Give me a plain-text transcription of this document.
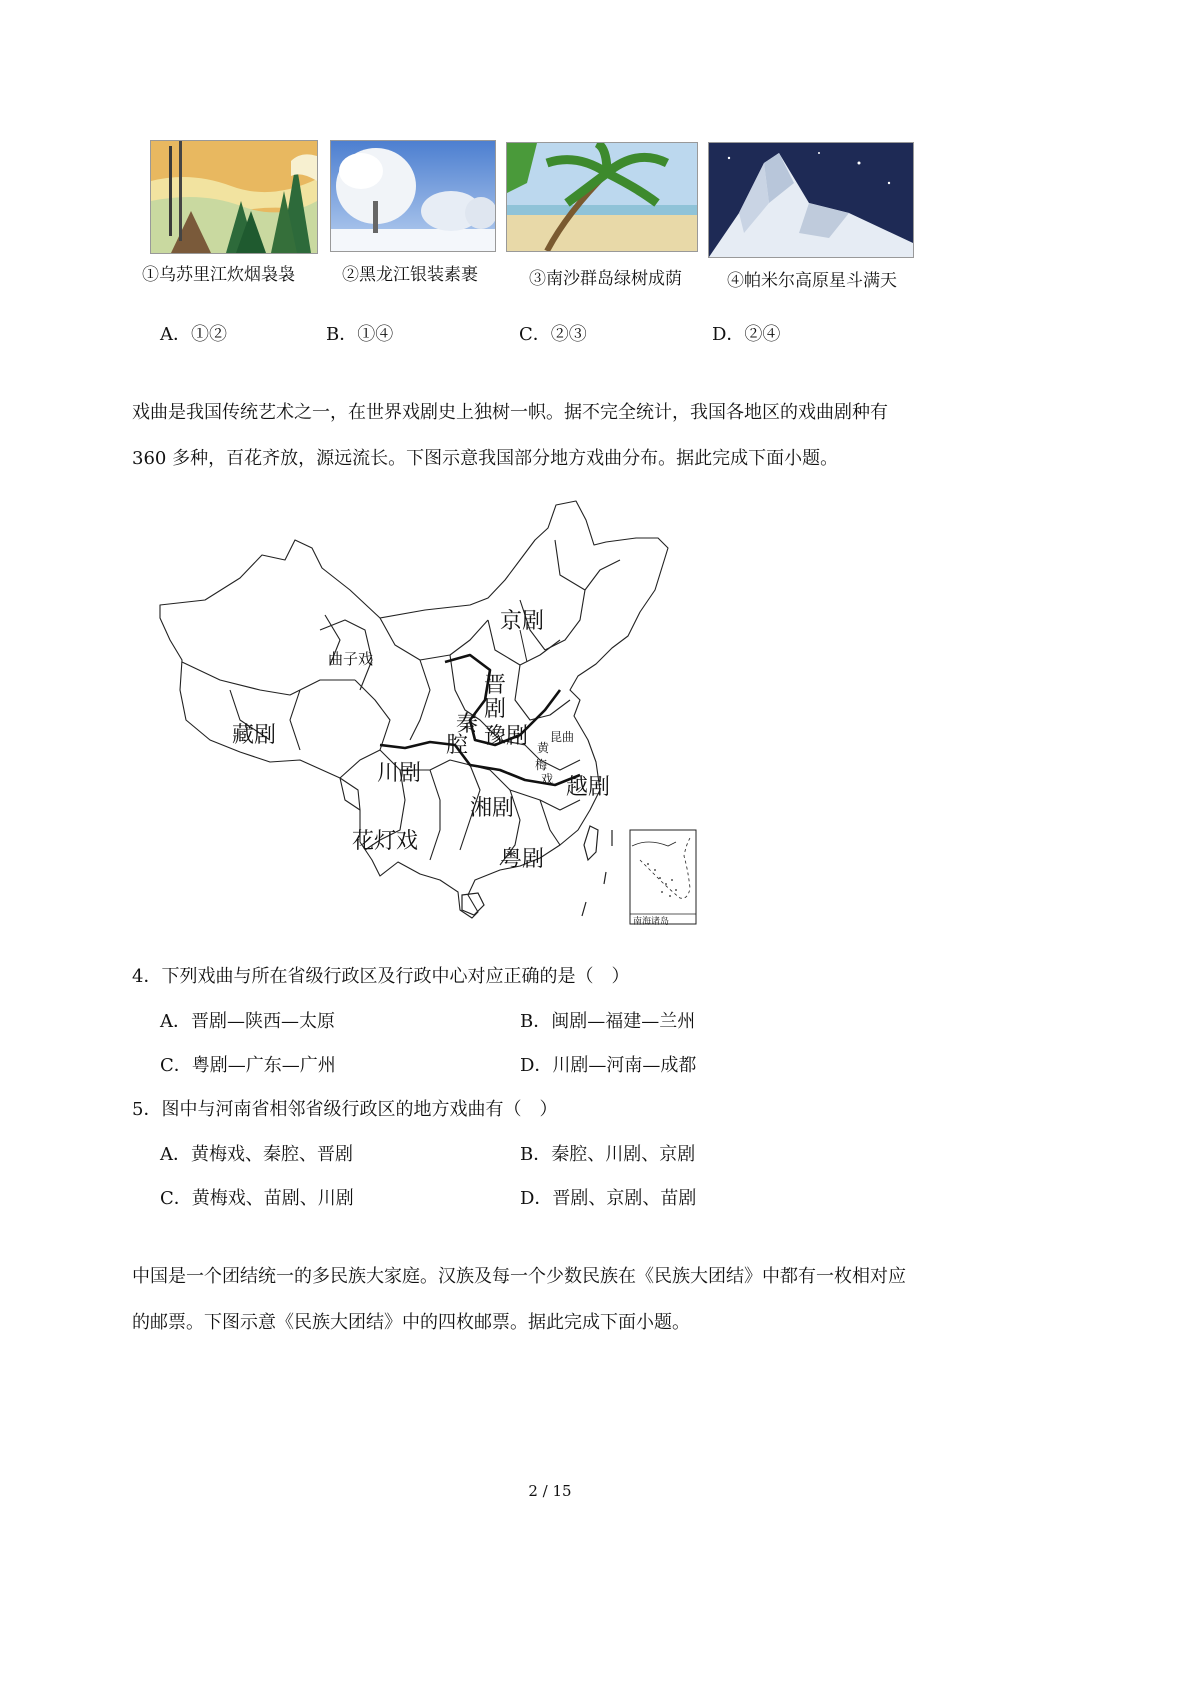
①乌苏里江炊烟袅袅	②黑龙江银装素裹	③南沙群岛绿树成荫	④帕米尔高原星斗满天
A．①②	B．①④	C．②③	D．②④
戏曲是我国传统艺术之一，在世界戏剧史上独树一帜。据不完全统计，我国各地区的戏曲剧种有
360 多种，百花齐放，源远流长。下图示意我国部分地方戏曲分布。据此完成下面小题。
南海诸岛
京剧
曲子戏
晋
剧
秦
腔 豫剧
藏剧	黄
梅
戏
昆曲
川剧
越剧
湘剧
花灯戏
粤剧
4．下列戏曲与所在省级行政区及行政中心对应正确的是（　）
A．晋剧—陕西—太原	B．闽剧—福建—兰州
C．粤剧—广东—广州	D．川剧—河南—成都
5．图中与河南省相邻省级行政区的地方戏曲有（　）
A．黄梅戏、秦腔、晋剧	B．秦腔、川剧、京剧
C．黄梅戏、苗剧、川剧	D．晋剧、京剧、苗剧
中国是一个团结统一的多民族大家庭。汉族及每一个少数民族在《民族大团结》中都有一枚相对应
的邮票。下图示意《民族大团结》中的四枚邮票。据此完成下面小题。
2 / 15
